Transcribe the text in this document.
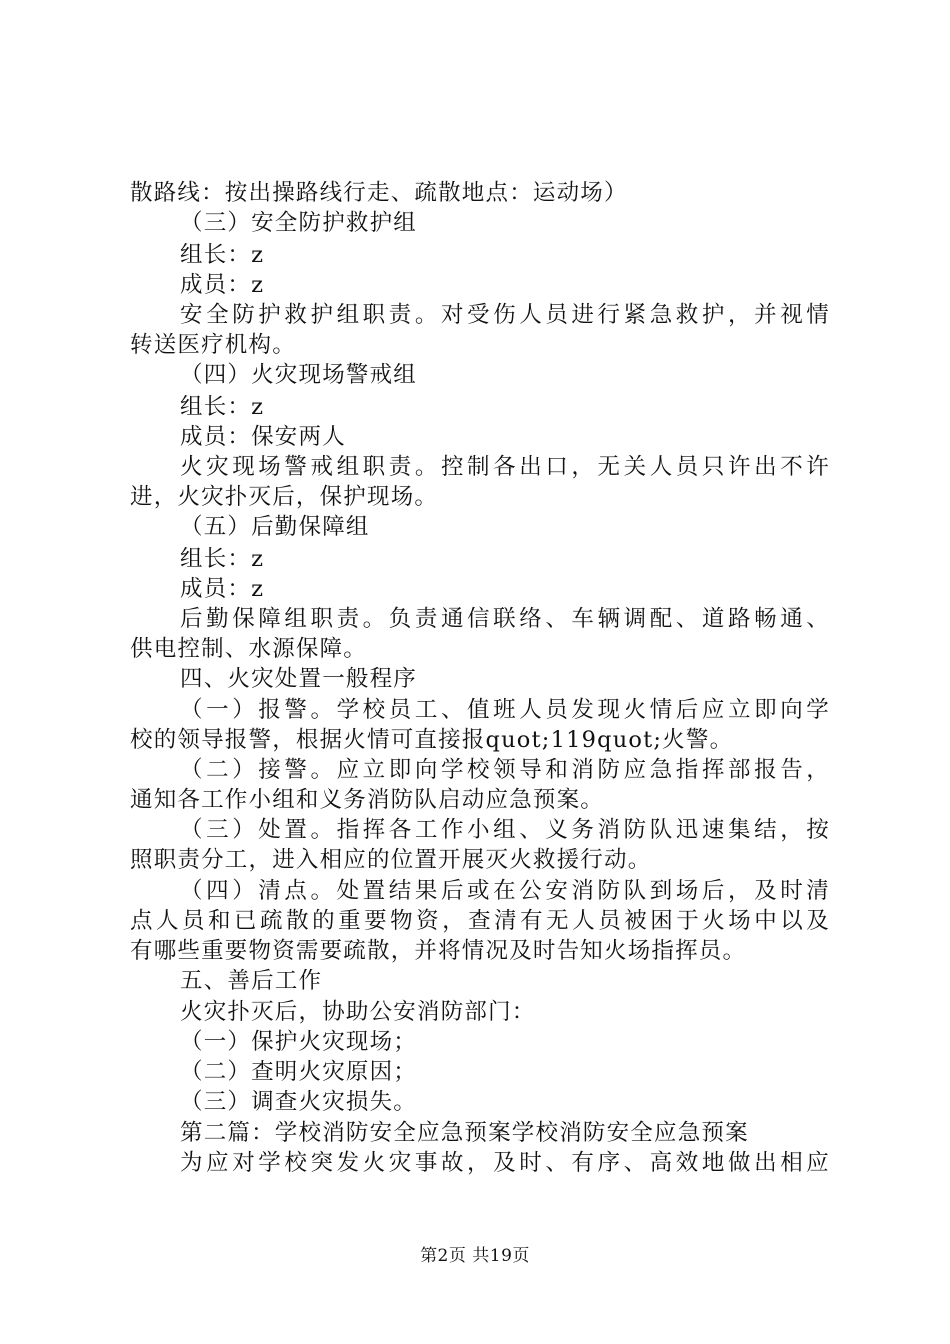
散路线：按出操路线行走、疏散地点：运动场）
（三）安全防护救护组
组长：z
成员：z
安全防护救护组职责。对受伤人员进行紧急救护，并视情
转送医疗机构。
（四）火灾现场警戒组
组长：z
成员：保安两人
火灾现场警戒组职责。控制各出口，无关人员只许出不许
进，火灾扑灭后，保护现场。
（五）后勤保障组
组长：z
成员：z
后勤保障组职责。负责通信联络、车辆调配、道路畅通、
供电控制、水源保障。
四、火灾处置一般程序
（一）报警。学校员工、值班人员发现火情后应立即向学
校的领导报警，根据火情可直接报quot;119quot;火警。
（二）接警。应立即向学校领导和消防应急指挥部报告，
通知各工作小组和义务消防队启动应急预案。
（三）处置。指挥各工作小组、义务消防队迅速集结，按
照职责分工，进入相应的位置开展灭火救援行动。
（四）清点。处置结果后或在公安消防队到场后，及时清
点人员和已疏散的重要物资，查清有无人员被困于火场中以及
有哪些重要物资需要疏散，并将情况及时告知火场指挥员。
五、善后工作
火灾扑灭后，协助公安消防部门：
（一）保护火灾现场；
（二）查明火灾原因；
（三）调查火灾损失。
第二篇：学校消防安全应急预案学校消防安全应急预案
为应对学校突发火灾事故，及时、有序、高效地做出相应
第2页 共19页
